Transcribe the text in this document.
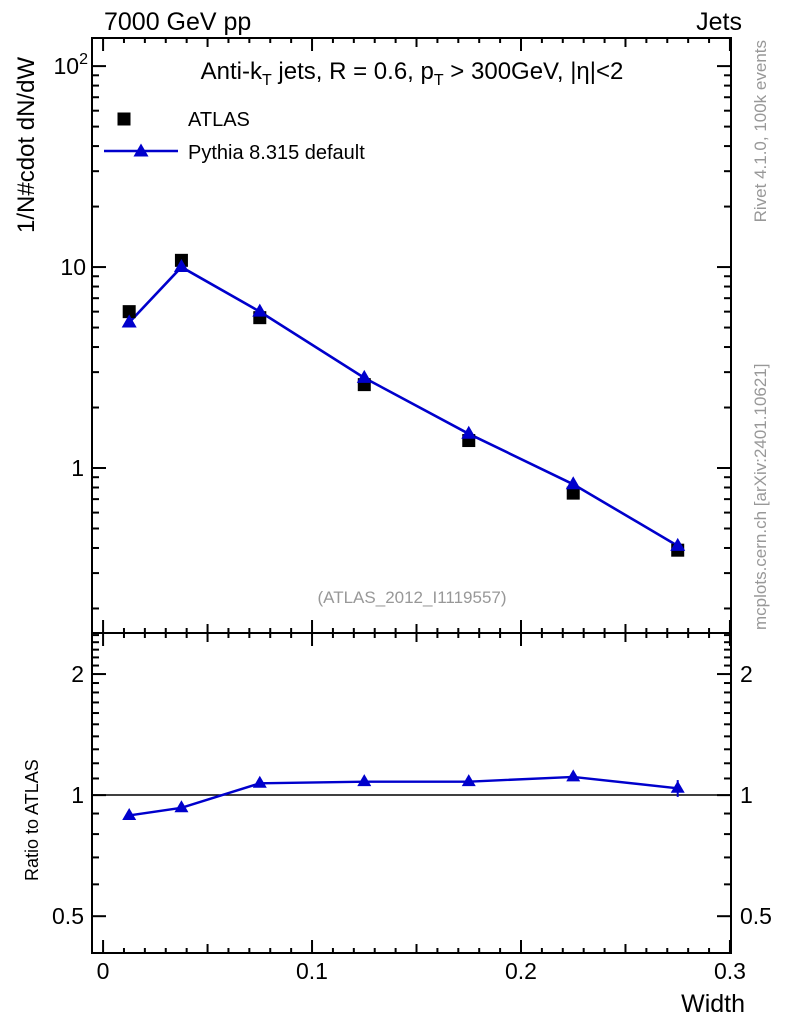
7000 GeV pp	Jets
Rivet 4.1.0, 100k events
mcplots.cern.ch [arXiv:2401.10621]
1/N#cdot dN/dW
Ratio to ATLAS
Anti-$k_T$ jets, R = 0.6, $p_T > 300GeV$, |η|<2
ATLAS
Pythia 8.315 default
(ATLAS_2012_I1119557)
$10^2$
10
1
2
1
0.5
2
1
0.5
0	0.1	0.2	0.3
Width
